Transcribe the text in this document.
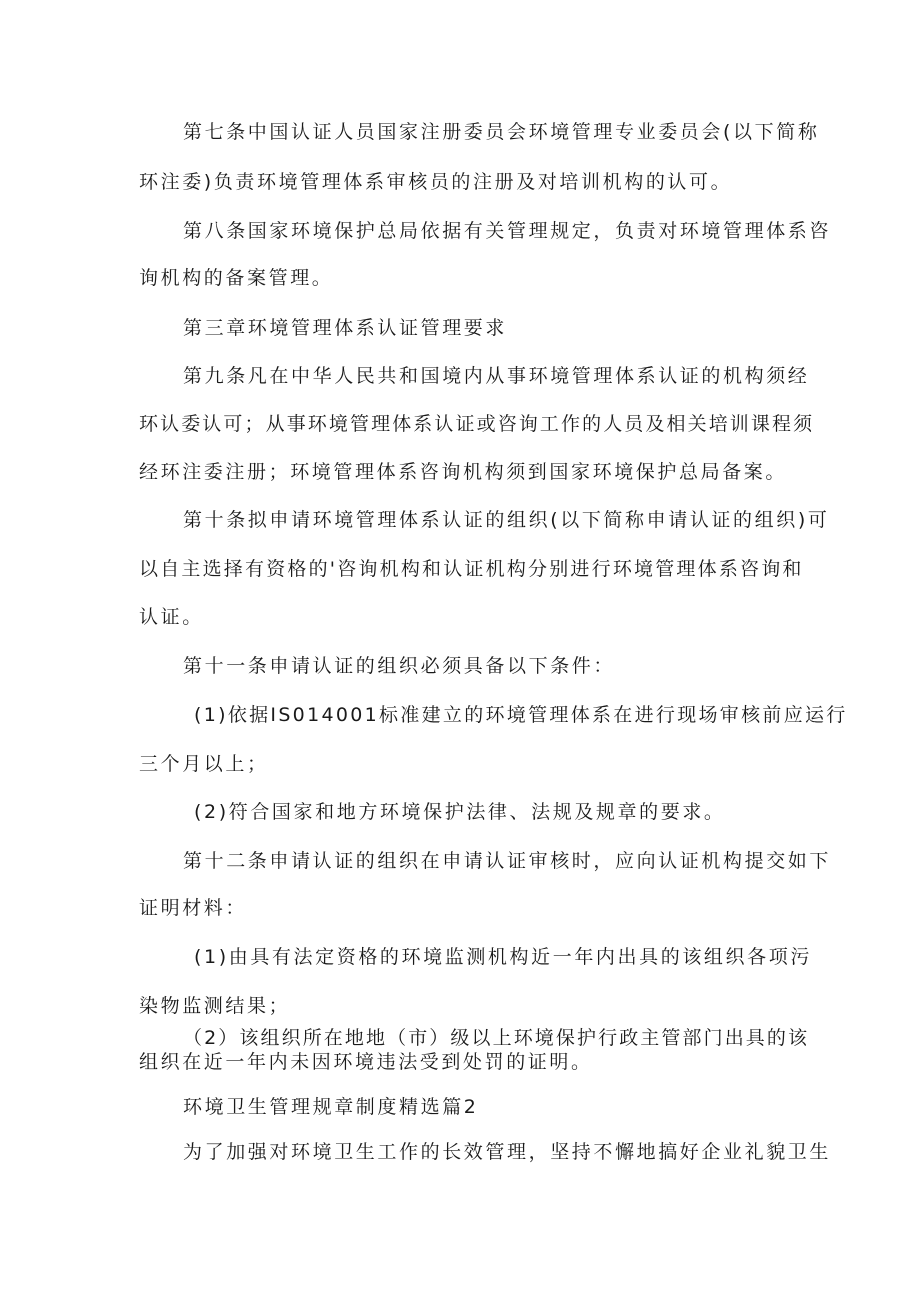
第七条中国认证人员国家注册委员会环境管理专业委员会(以下简称
环注委)负责环境管理体系审核员的注册及对培训机构的认可。
第八条国家环境保护总局依据有关管理规定，负责对环境管理体系咨
询机构的备案管理。
第三章环境管理体系认证管理要求
第九条凡在中华人民共和国境内从事环境管理体系认证的机构须经
环认委认可；从事环境管理体系认证或咨询工作的人员及相关培训课程须
经环注委注册；环境管理体系咨询机构须到国家环境保护总局备案。
第十条拟申请环境管理体系认证的组织(以下简称申请认证的组织)可
以自主选择有资格的'咨询机构和认证机构分别进行环境管理体系咨询和
认证。
第十一条申请认证的组织必须具备以下条件：
(1)依据IS014001标准建立的环境管理体系在进行现场审核前应运行
三个月以上；
(2)符合国家和地方环境保护法律、法规及规章的要求。
第十二条申请认证的组织在申请认证审核时，应向认证机构提交如下
证明材料：
(1)由具有法定资格的环境监测机构近一年内出具的该组织各项污
染物监测结果；
（2）该组织所在地地（市）级以上环境保护行政主管部门出具的该
组织在近一年内未因环境违法受到处罚的证明。
环境卫生管理规章制度精选篇2
为了加强对环境卫生工作的长效管理，坚持不懈地搞好企业礼貌卫生
